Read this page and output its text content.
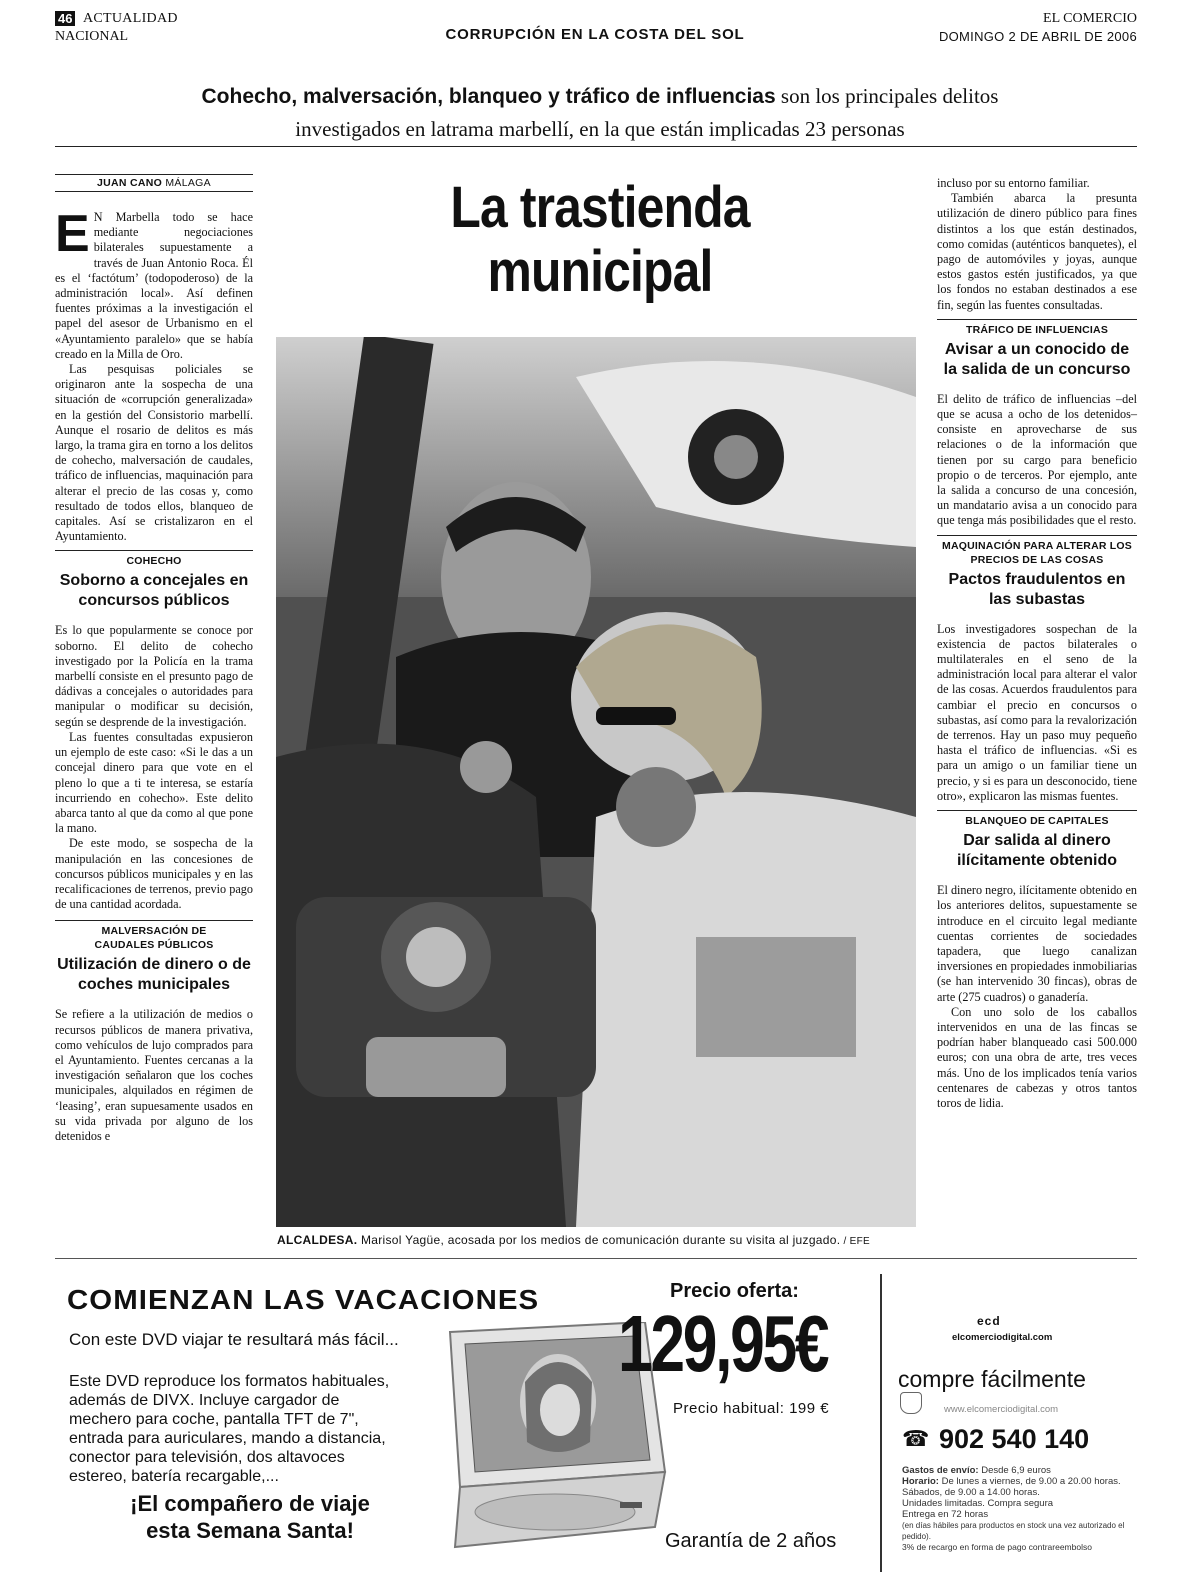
46 ACTUALIDAD
NACIONAL	CORRUPCIÓN EN LA COSTA DEL SOL
EL COMERCIO
DOMINGO 2 DE ABRIL DE 2006
Cohecho, malversación, blanqueo y tráfico de influencias son los principales delitos
investigados en latrama marbellí, en la que están implicadas 23 personas
JUAN CANO MÁLAGA

E N Marbella todo se hace mediante negociaciones bilaterales supuestamente a través de Juan Antonio Roca. Él es el ‘factótum’ (todopoderoso) de la administración local». Así definen fuentes próximas a la investigación el papel del asesor de Urbanismo en el «Ayuntamiento paralelo» que se había creado en la Milla de Oro.

Las pesquisas policiales se originaron ante la sospecha de una situación de «corrupción generalizada» en la gestión del Consistorio marbellí. Aunque el rosario de delitos es más largo, la trama gira en torno a los delitos de cohecho, malversación de caudales, tráfico de influencias, maquinación para alterar el precio de las cosas y, como resultado de todos ellos, blanqueo de capitales. Así se cristalizaron en el Ayuntamiento.

COHECHO
Soborno a concejales en concursos públicos

Es lo que popularmente se conoce por soborno. El delito de cohecho investigado por la Policía en la trama marbellí consiste en el presunto pago de dádivas a concejales o autoridades para manipular o modificar su decisión, según se desprende de la investigación.

Las fuentes consultadas expusieron un ejemplo de este caso: «Si le das a un concejal dinero para que vote en el pleno lo que a ti te interesa, se estaría incurriendo en cohecho». Este delito abarca tanto al que da como al que pone la mano.

De este modo, se sospecha de la manipulación en las concesiones de concursos públicos municipales y en las recalificaciones de terrenos, previo pago de una cantidad acordada.

MALVERSACIÓN DE
CAUDALES PÚBLICOS
Utilización de dinero o de coches municipales

Se refiere a la utilización de medios o recursos públicos de manera privativa, como vehículos de lujo comprados para el Ayuntamiento. Fuentes cercanas a la investigación señalaron que los coches municipales, alquilados en régimen de ‘leasing’, eran supuesamente usados en su vida privada por alguno de los detenidos e

La trastienda
municipal
ALCALDESA. Marisol Yagüe, acosada por los medios de comunicación durante su visita al juzgado. / EFE

incluso por su entorno familiar.

También abarca la presunta utilización de dinero público para fines distintos a los que están destinados, como comidas (auténticos banquetes), el pago de automóviles y joyas, aunque estos gastos estén justificados, ya que los fondos no estaban destinados a ese fin, según las fuentes consultadas.

TRÁFICO DE INFLUENCIAS
Avisar a un conocido de la salida de un concurso

El delito de tráfico de influencias –del que se acusa a ocho de los detenidos– consiste en aprovecharse de sus relaciones o de la información que tienen por su cargo para beneficio propio o de terceros. Por ejemplo, ante la salida a concurso de una concesión, un mandatario avisa a un conocido para que tenga más posibilidades que el resto.

MAQUINACIÓN PARA ALTERAR LOS
PRECIOS DE LAS COSAS
Pactos fraudulentos en las subastas

Los investigadores sospechan de la existencia de pactos bilaterales o multilaterales en el seno de la administración local para alterar el valor de las cosas. Acuerdos fraudulentos para cambiar el precio en concursos o subastas, así como para la revalorización de terrenos. Hay un paso muy pequeño hasta el tráfico de influencias. «Si es para un amigo o un familiar tiene un precio, y si es para un desconocido, tiene otro», explicaron las mismas fuentes.

BLANQUEO DE CAPITALES
Dar salida al dinero ilícitamente obtenido

El dinero negro, ilícitamente obtenido en los anteriores delitos, supuestamente se introduce en el circuito legal mediante cuentas corrientes de sociedades tapadera, que luego canalizan inversiones en propiedades inmobiliarias (se han intervenido 30 fincas), obras de arte (275 cuadros) o ganadería.

Con uno solo de los caballos intervenidos en una de las fincas se podrían haber blanqueado casi 500.000 euros; con una obra de arte, tres veces más. Uno de los implicados tenía varios centenares de cabezas y otros tantos toros de lidia.

COMIENZAN LAS VACACIONES
Con este DVD viajar te resultará más fácil...
Este DVD reproduce los formatos habituales, además de DIVX. Incluye cargador de mechero para coche, pantalla TFT de 7", entrada para auriculares, mando a distancia, conector para televisión, dos altavoces estereo, batería recargable,...
¡El compañero de viaje
esta Semana Santa!
Precio oferta:
129,95€
Precio habitual: 199 €
Garantía de 2 años
ecd
elcomerciodigital.com
compre fácilmente
www.elcomerciodigital.com
☎ 902 540 140
Gastos de envío: Desde 6,9 euros
Horario: De lunes a viernes, de 9.00 a 20.00 horas.
Sábados, de 9.00 a 14.00 horas.
Unidades limitadas. Compra segura
Entrega en 72 horas
(en días hábiles para productos en stock una vez autorizado el pedido).
3% de recargo en forma de pago contrareembolso
